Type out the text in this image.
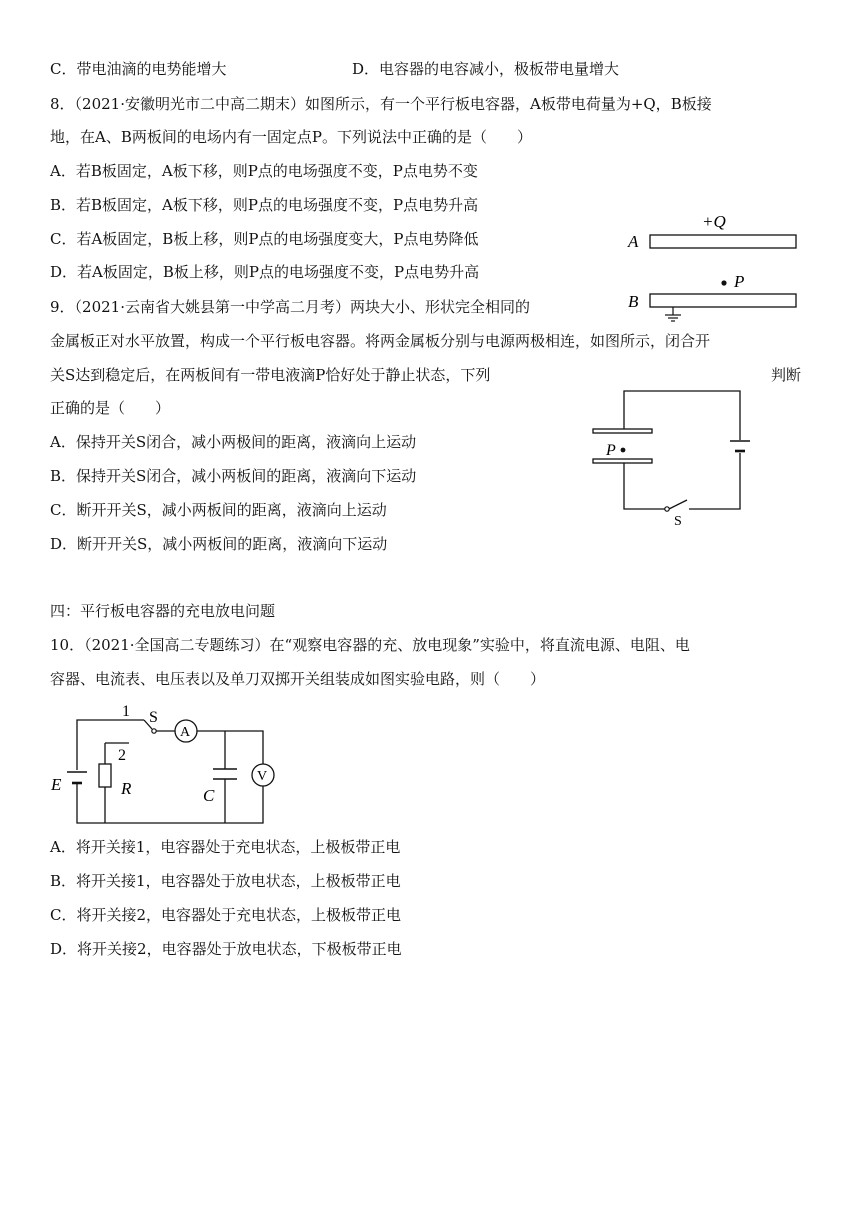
C．带电油滴的电势能增大	D．电容器的电容减小，极板带电量增大
8．（2021·安徽明光市二中高二期末）如图所示，有一个平行板电容器，A板带电荷量为+Q，B板接
地，在A、B两板间的电场内有一固定点P。下列说法中正确的是（　　）
A．若B板固定，A板下移，则P点的电场强度不变，P点电势不变
B．若B板固定，A板下移，则P点的电场强度不变，P点电势升高
C．若A板固定，B板上移，则P点的电场强度变大，P点电势降低
D．若A板固定，B板上移，则P点的电场强度不变，P点电势升高
+Q
A
P
B
9．（2021·云南省大姚县第一中学高二月考）两块大小、形状完全相同的
金属板正对水平放置，构成一个平行板电容器。将两金属板分别与电源两极相连，如图所示，闭合开
关S达到稳定后，在两板间有一带电液滴P恰好处于静止状态，下列	判断
正确的是（　　）
A．保持开关S闭合，减小两极间的距离，液滴向上运动
B．保持开关S闭合，减小两板间的距离，液滴向下运动
C．断开开关S，减小两板间的距离，液滴向上运动
D．断开开关S，减小两板间的距离，液滴向下运动
P
S
四：平行板电容器的充电放电问题
10．（2021·全国高二专题练习）在“观察电容器的充、放电现象”实验中，将直流电源、电阻、电
容器、电流表、电压表以及单刀双掷开关组装成如图实验电路，则（　　）
A
V
1
2
S
E	R	C
A．将开关接1，电容器处于充电状态，上极板带正电
B．将开关接1，电容器处于放电状态，上极板带正电
C．将开关接2，电容器处于充电状态，上极板带正电
D．将开关接2，电容器处于放电状态，下极板带正电
